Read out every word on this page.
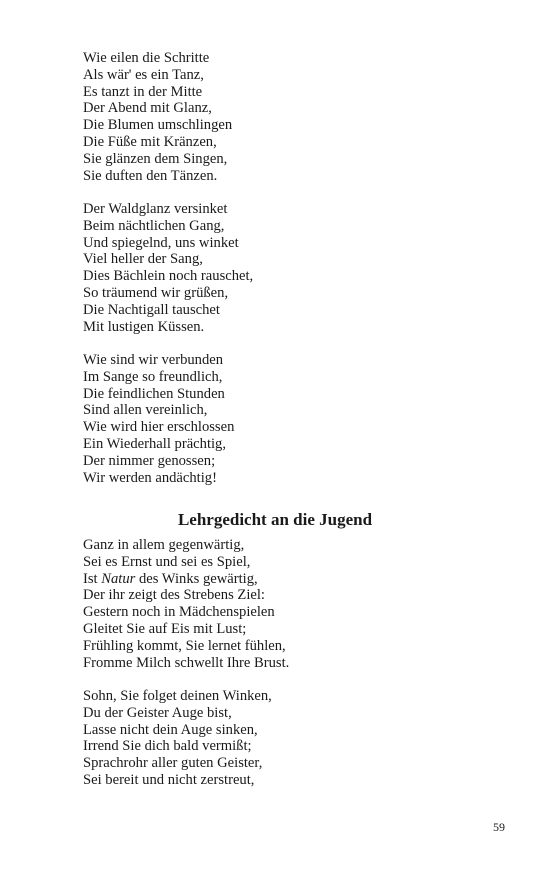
Wie eilen die Schritte
Als wär' es ein Tanz,
Es tanzt in der Mitte
Der Abend mit Glanz,
Die Blumen umschlingen
Die Füße mit Kränzen,
Sie glänzen dem Singen,
Sie duften den Tänzen.
Der Waldglanz versinket
Beim nächtlichen Gang,
Und spiegelnd, uns winket
Viel heller der Sang,
Dies Bächlein noch rauschet,
So träumend wir grüßen,
Die Nachtigall tauschet
Mit lustigen Küssen.
Wie sind wir verbunden
Im Sange so freundlich,
Die feindlichen Stunden
Sind allen vereinlich,
Wie wird hier erschlossen
Ein Wiederhall prächtig,
Der nimmer genossen;
Wir werden andächtig!
Lehrgedicht an die Jugend
Ganz in allem gegenwärtig,
Sei es Ernst und sei es Spiel,
Ist Natur des Winks gewärtig,
Der ihr zeigt des Strebens Ziel:
Gestern noch in Mädchenspielen
Gleitet Sie auf Eis mit Lust;
Frühling kommt, Sie lernet fühlen,
Fromme Milch schwellt Ihre Brust.
Sohn, Sie folget deinen Winken,
Du der Geister Auge bist,
Lasse nicht dein Auge sinken,
Irrend Sie dich bald vermißt;
Sprachrohr aller guten Geister,
Sei bereit und nicht zerstreut,
59
